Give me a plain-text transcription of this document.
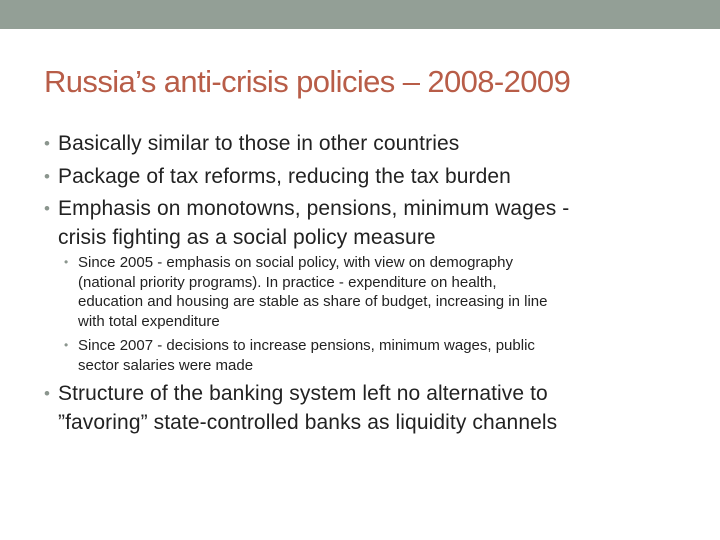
Russia’s anti-crisis policies – 2008-2009
• Basically similar to those in other countries
• Package of tax reforms, reducing the tax burden
• Emphasis on monotowns, pensions, minimum wages -
crisis fighting as a social policy measure
• Since 2005 - emphasis on social policy, with view on demography
(national priority programs). In practice - expenditure on health,
education and housing are stable as share of budget, increasing in line
with total expenditure
• Since 2007 - decisions to increase pensions, minimum wages, public
sector salaries were made
• Structure of the banking system left no alternative to
”favoring” state-controlled banks as liquidity channels
